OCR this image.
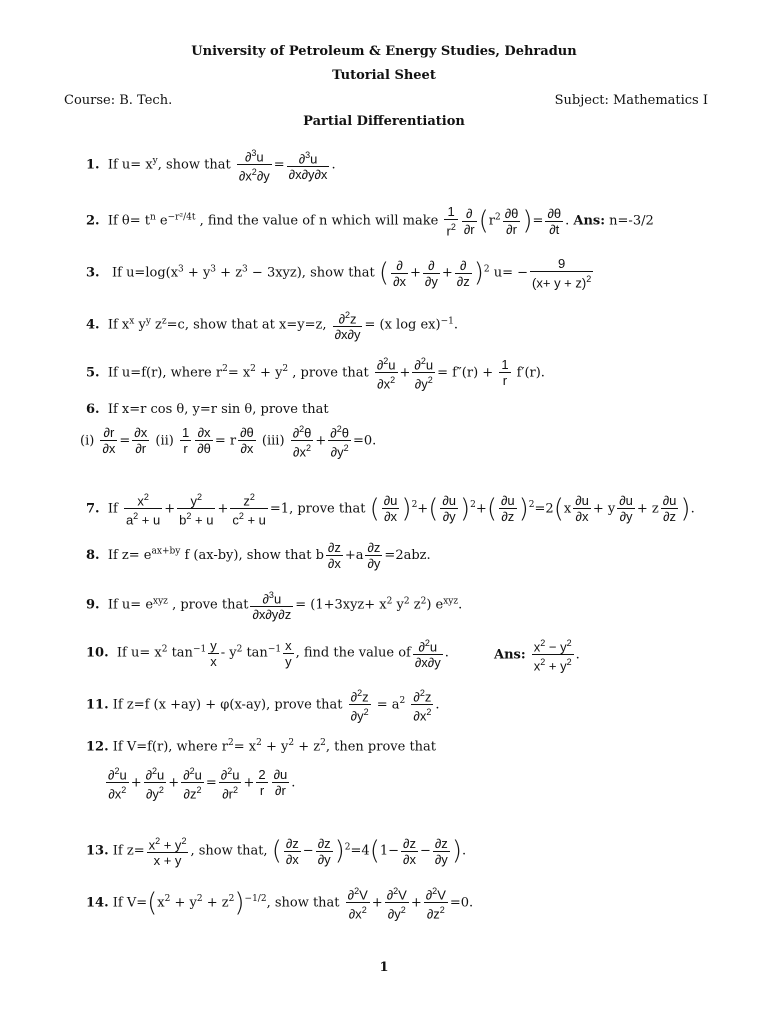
University of Petroleum & Energy Studies, Dehradun
Tutorial Sheet
Course: B. Tech.	Subject: Mathematics I
Partial Differentiation
1. If $u= x^y$, show that $\frac{\partial^3u}{\partial x^2\partial y} = \frac{\partial^3u}{\partial x\partial y\partial x}$ .
2. If $\theta= t^n$ $e^{-r^2/4t}$ , find the value of n which will make $\frac{1}{r^2} \frac{\partial}{\partial r} (r^2 \frac{\partial\theta}{\partial r}$ )= $\frac{\partial\theta}{\partial t}$ . Ans: n=-3/2
3. If $u=\log(x^3 + y^3 + z^3 - 3xyz)$, show that ( $\frac{\partial}{\partial x} + \frac{\partial}{\partial y} + \frac{\partial}{\partial z} )^2$ $u= - \frac{9}{(x+ y + z)^2}$
4. If $x^x$ $y^y$ $z^z=c$, show that at x=y=z, $\frac{\partial^2z}{\partial x\partial y} = (x$ log ex)$^{-1}$.
5. If u=f(r), where $r^2= x^2 + y^2$ , prove that $\frac{\partial^2u}{\partial x^2} + \frac{\partial^2u}{\partial y^2} = f''(r) + \frac{1}{r} f'(r)$.
6. If x=r cos θ, y=r sin θ, prove that
$(i) \frac{\partial r}{\partial x} = \frac{\partial x}{\partial r} (ii) \frac{1}{r} \frac{\partial x}{\partial\theta} = r \frac{\partial\theta}{\partial x} (iii) \frac{\partial^2\theta}{\partial x^2} + \frac{\partial^2\theta}{\partial y^2} =0$.
7. If $\frac{x^2}{a^2 + u} + \frac{y^2}{b^2 + u} + \frac{z^2}{c^2 + u} =1$, prove that ( $\frac{\partial u}{\partial x} )^2+( \frac{\partial u}{\partial y} )^2+( \frac{\partial u}{\partial z} )^2=2(x \frac{\partial u}{\partial x} + y \frac{\partial u}{\partial y} + z \frac{\partial u}{\partial z}$ ).
8. If $z= e^{ax+by}$ f (ax-by), show that b $\frac{\partial z}{\partial x} +a \frac{\partial z}{\partial y} =2abz$.
9. If $u= e^{xyz}$ , prove that $\frac{\partial^3u}{\partial x\partial y\partial z} = (1+3xyz+ x^2$ $y^2$ $z^2$) $e^{xyz}$.
10. If $u= x^2$ $\tan^{-1} \frac{y}{x} - y^2$ $\tan^{-1} \frac{x}{y}$ , find the value of $\frac{\partial^2u}{\partial x\partial y}$ .	Ans: $\frac{x^2 - y^2}{x^2 + y^2}$ .
11. If z=f (x +ay) + φ(x-ay), prove that $\frac{\partial^2z}{\partial y^2} = a^2 \frac{\partial^2z}{\partial x^2}$ .
12. If V=f(r), where $r^2= x^2 + y^2 + z^2$, then prove that
$\frac{\partial^2u}{\partial x^2} + \frac{\partial^2u}{\partial y^2} + \frac{\partial^2u}{\partial z^2} = \frac{\partial^2u}{\partial r^2} + \frac{2}{r} \frac{\partial u}{\partial r}$ .
13. If $z= \frac{x^2 + y^2}{x + y}$ , show that, ( $\frac{\partial z}{\partial x} - \frac{\partial z}{\partial y} )^2=4(1- \frac{\partial z}{\partial x} - \frac{\partial z}{\partial y}$ ).
14. If $V=(x^2 + y^2 + z^2)^{-1/2}$, show that $\frac{\partial^2V}{\partial x^2} + \frac{\partial^2V}{\partial y^2} + \frac{\partial^2V}{\partial z^2} =0$.
1
